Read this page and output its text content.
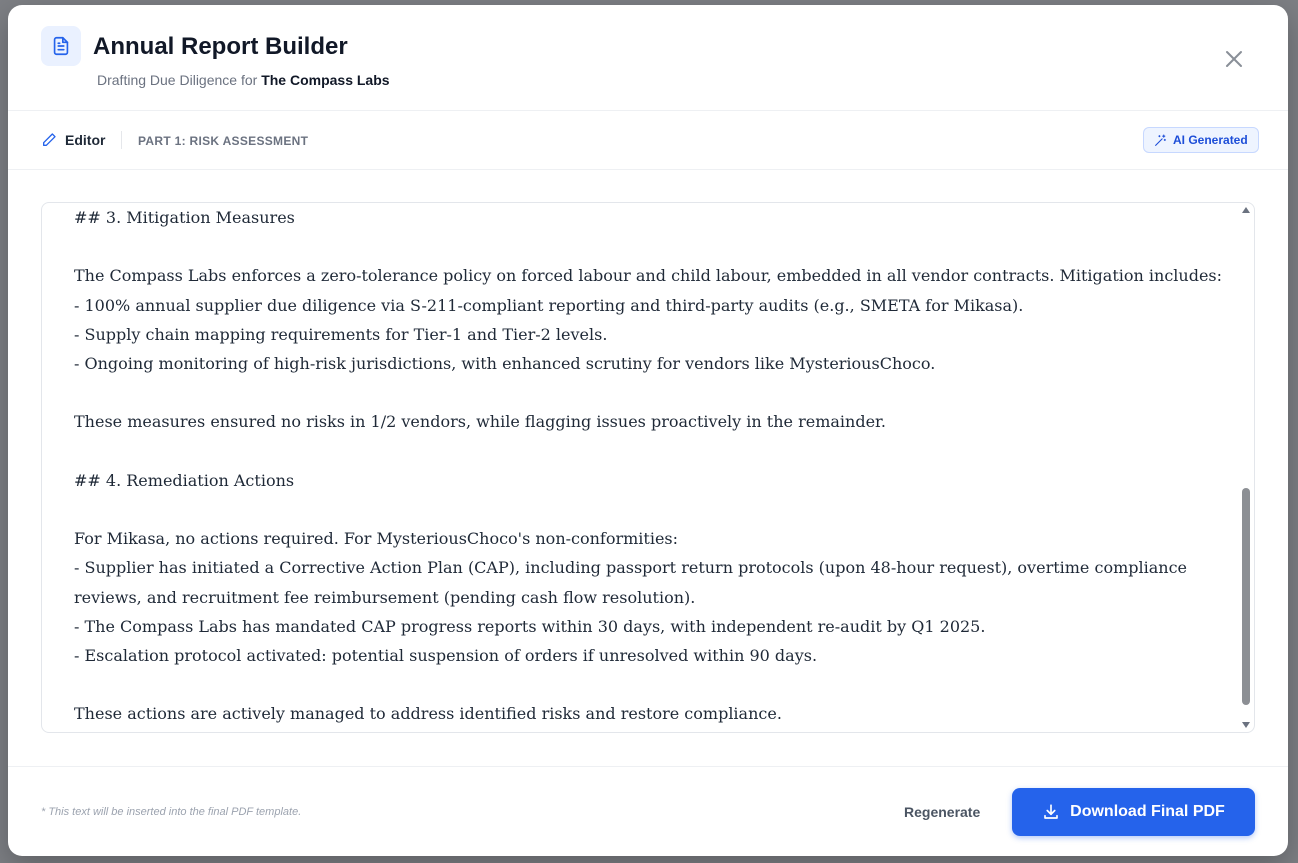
Annual Report Builder
Drafting Due Diligence for The Compass Labs
Editor	PART 1: RISK ASSESSMENT	AI Generated
## 3. Mitigation Measures

The Compass Labs enforces a zero-tolerance policy on forced labour and child labour, embedded in all vendor contracts. Mitigation includes:
- 100% annual supplier due diligence via S-211-compliant reporting and third-party audits (e.g., SMETA for Mikasa).
- Supply chain mapping requirements for Tier-1 and Tier-2 levels.
- Ongoing monitoring of high-risk jurisdictions, with enhanced scrutiny for vendors like MysteriousChoco.

These measures ensured no risks in 1/2 vendors, while flagging issues proactively in the remainder.

## 4. Remediation Actions

For Mikasa, no actions required. For MysteriousChoco's non-conformities:
- Supplier has initiated a Corrective Action Plan (CAP), including passport return protocols (upon 48-hour request), overtime compliance reviews, and recruitment fee reimbursement (pending cash flow resolution).
- The Compass Labs has mandated CAP progress reports within 30 days, with independent re-audit by Q1 2025.
- Escalation protocol activated: potential suspension of orders if unresolved within 90 days.

These actions are actively managed to address identified risks and restore compliance.
* This text will be inserted into the final PDF template.	Regenerate	Download Final PDF
